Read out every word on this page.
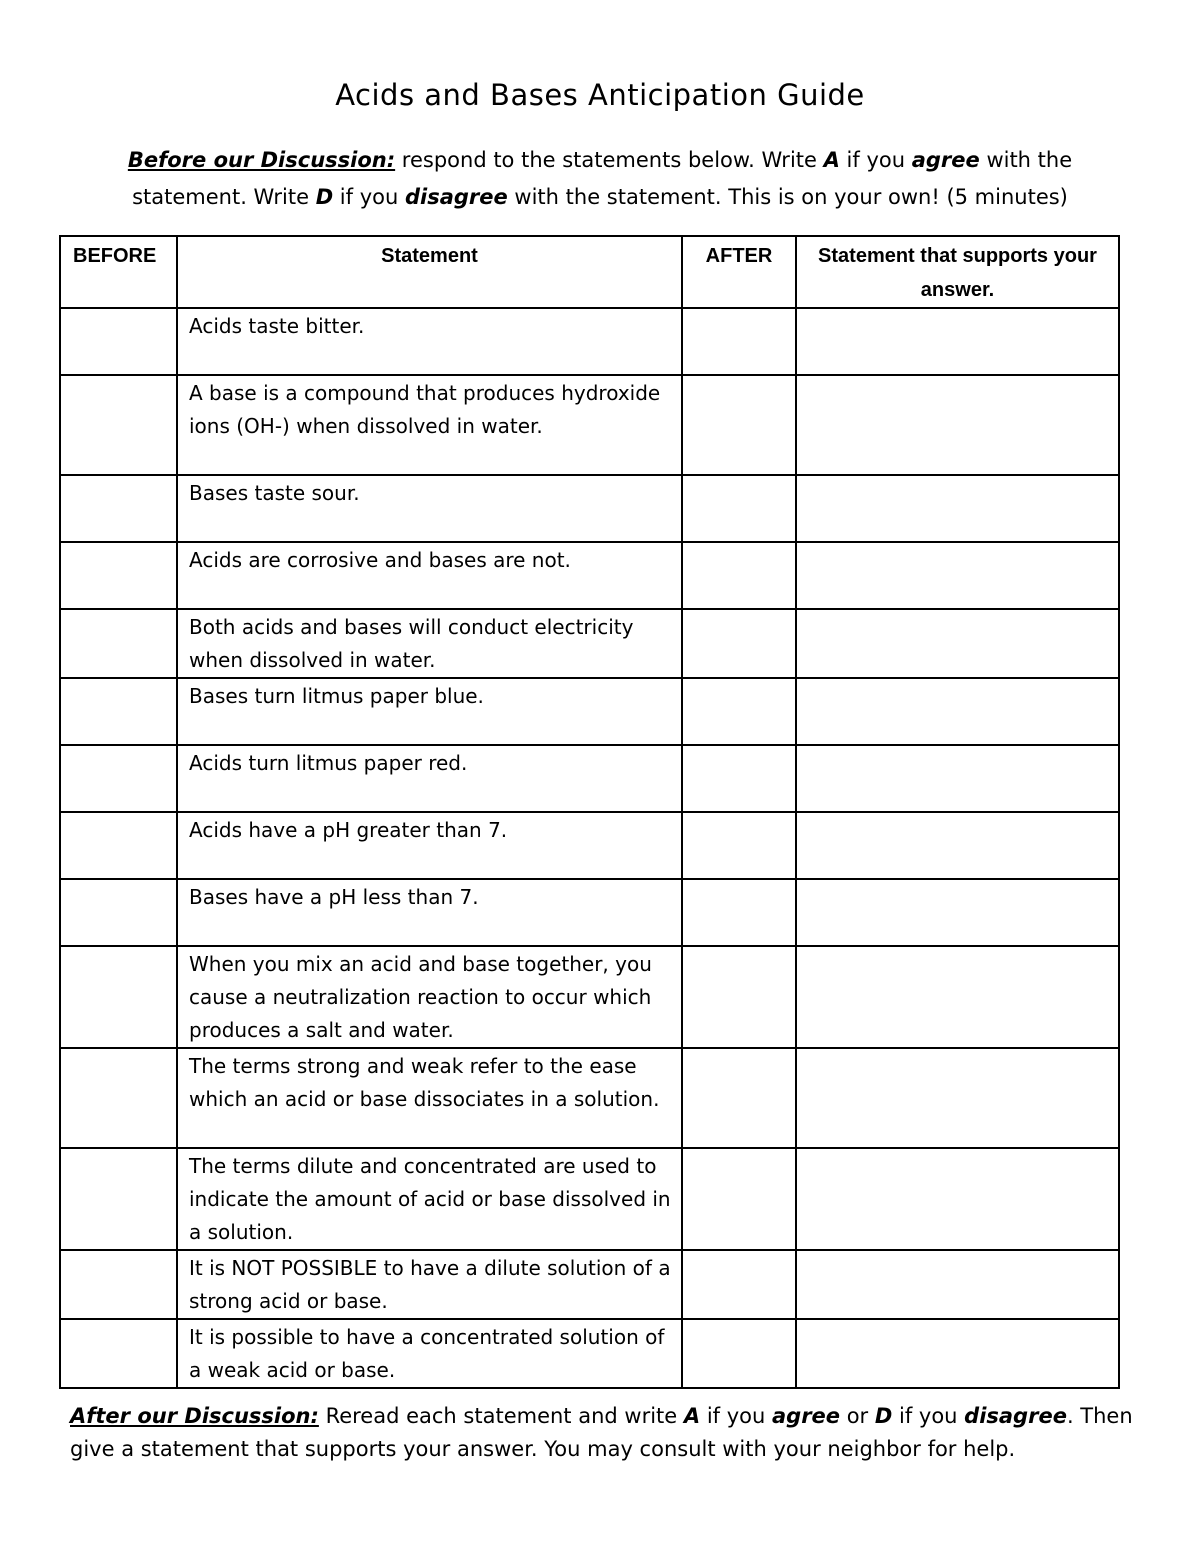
Acids and Bases Anticipation Guide
Before our Discussion: respond to the statements below. Write A if you agree with the statement. Write D if you disagree with the statement. This is on your own! (5 minutes)
BEFORE	Statement	AFTER	Statement that supports your answer.
	Acids taste bitter.		
	A base is a compound that produces hydroxide ions (OH-) when dissolved in water.		
	Bases taste sour.		
	Acids are corrosive and bases are not.		
	Both acids and bases will conduct electricity when dissolved in water.		
	Bases turn litmus paper blue.		
	Acids turn litmus paper red.		
	Acids have a pH greater than 7.		
	Bases have a pH less than 7.		
	When you mix an acid and base together, you cause a neutralization reaction to occur which produces a salt and water.		
	The terms strong and weak refer to the ease which an acid or base dissociates in a solution.		
	The terms dilute and concentrated are used to indicate the amount of acid or base dissolved in a solution.		
	It is NOT POSSIBLE to have a dilute solution of a strong acid or base.		
	It is possible to have a concentrated solution of a weak acid or base.		
After our Discussion: Reread each statement and write A if you agree or D if you disagree. Then give a statement that supports your answer. You may consult with your neighbor for help.
